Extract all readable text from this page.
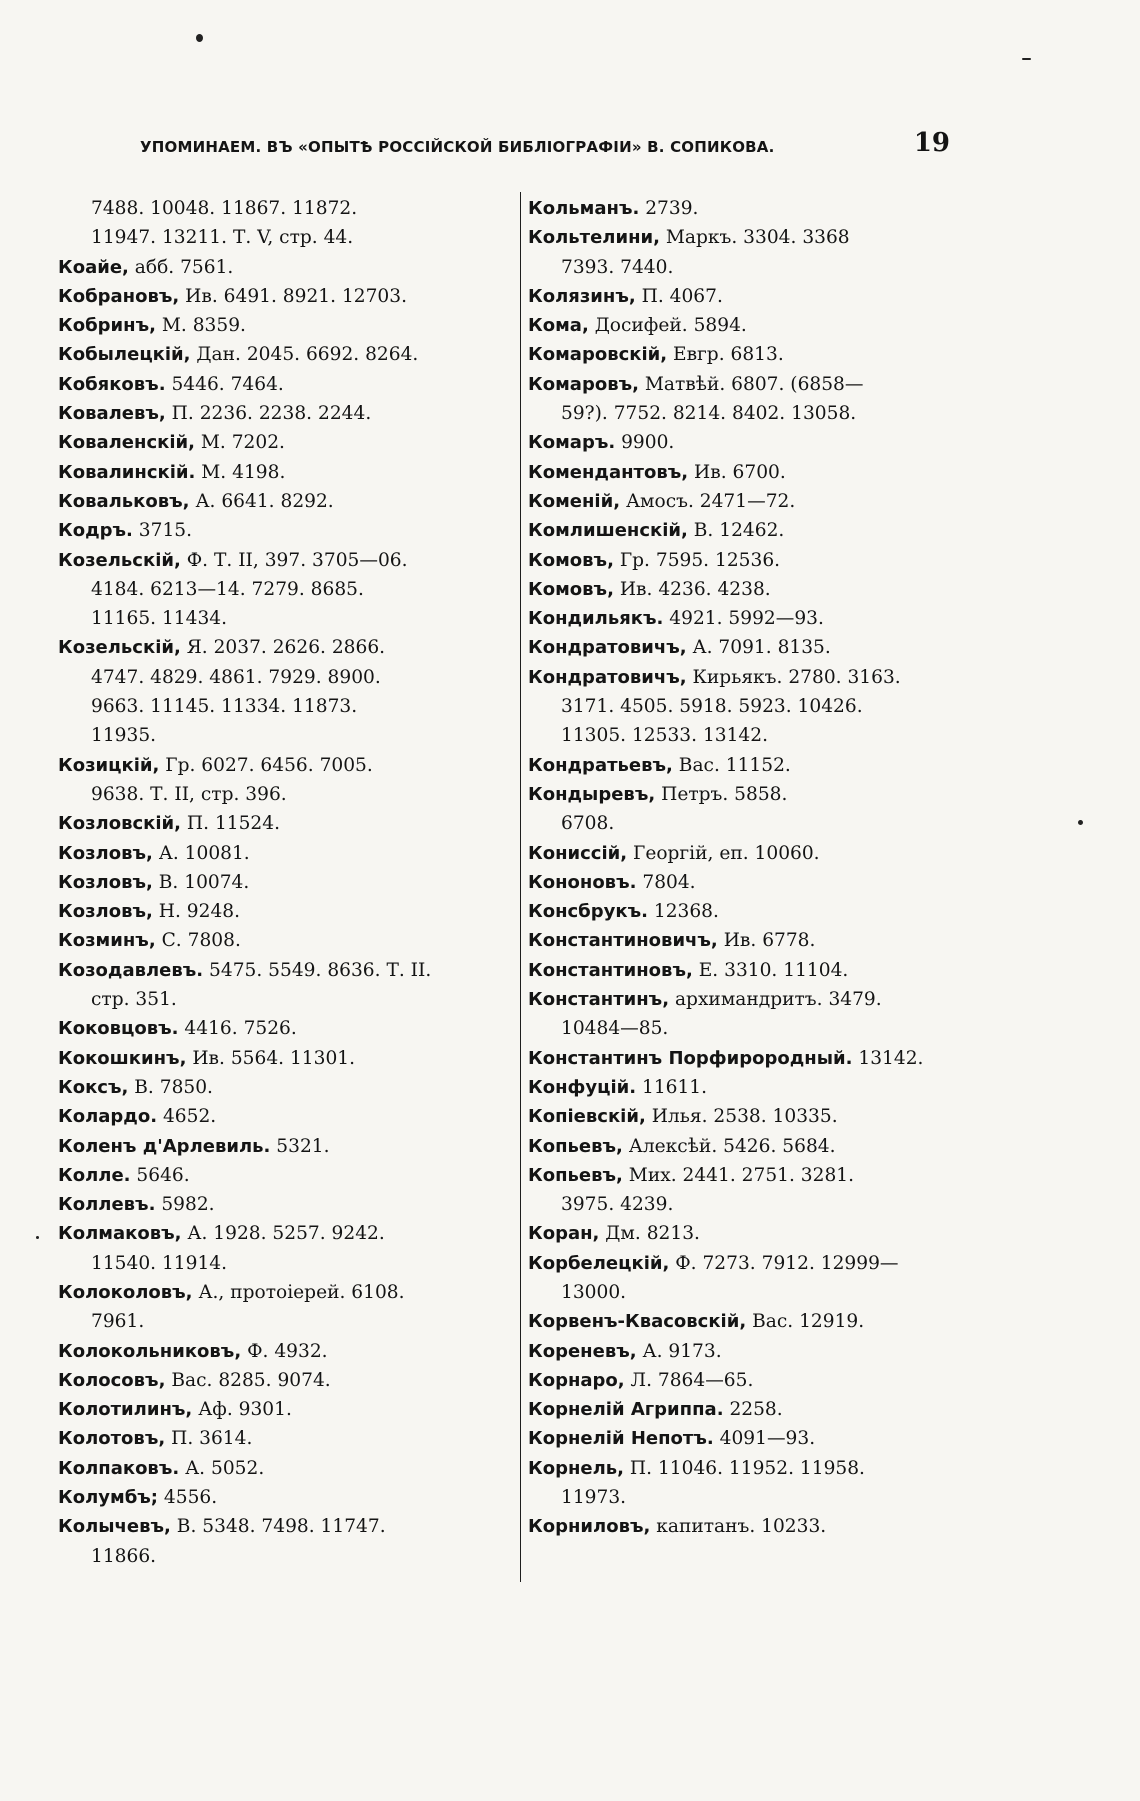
УПОМИНАЕМ. ВЪ «ОПЫТѢ РОССІЙСКОЙ БИБЛІОГРАФІИ» В. СОПИКОВА.	19
7488. 10048. 11867. 11872.
11947. 13211. Т. V, стр. 44.
Коайе, абб. 7561.
Кобрановъ, Ив. 6491. 8921. 12703.
Кобринъ, М. 8359.
Кобылецкій, Дан. 2045. 6692. 8264.
Кобяковъ. 5446. 7464.
Ковалевъ, П. 2236. 2238. 2244.
Коваленскій, М. 7202.
Ковалинскій. М. 4198.
Ковальковъ, А. 6641. 8292.
Кодръ. 3715.
Козельскій, Ф. Т. II, 397. 3705—06.
4184. 6213—14. 7279. 8685.
11165. 11434.
Козельскій, Я. 2037. 2626. 2866.
4747. 4829. 4861. 7929. 8900.
9663. 11145. 11334. 11873.
11935.
Козицкій, Гр. 6027. 6456. 7005.
9638. Т. II, стр. 396.
Козловскій, П. 11524.
Козловъ, А. 10081.
Козловъ, В. 10074.
Козловъ, Н. 9248.
Козминъ, С. 7808.
Козодавлевъ. 5475. 5549. 8636. Т. II.
стр. 351.
Коковцовъ. 4416. 7526.
Кокошкинъ, Ив. 5564. 11301.
Коксъ, В. 7850.
Колардо. 4652.
Коленъ д'Арлевиль. 5321.
Колле. 5646.
Коллевъ. 5982.
Колмаковъ, А. 1928. 5257. 9242.
11540. 11914.
Колоколовъ, А., протоіерей. 6108.
7961.
Колокольниковъ, Ф. 4932.
Колосовъ, Вас. 8285. 9074.
Колотилинъ, Аф. 9301.
Колотовъ, П. 3614.
Колпаковъ. А. 5052.
Колумбъ; 4556.
Колычевъ, В. 5348. 7498. 11747.
11866.
Кольманъ. 2739.
Кольтелини, Маркъ. 3304. 3368
7393. 7440.
Колязинъ, П. 4067.
Кома, Досифей. 5894.
Комаровскій, Евгр. 6813.
Комаровъ, Матвѣй. 6807. (6858—
59?). 7752. 8214. 8402. 13058.
Комаръ. 9900.
Комендантовъ, Ив. 6700.
Коменій, Амосъ. 2471—72.
Комлишенскій, В. 12462.
Комовъ, Гр. 7595. 12536.
Комовъ, Ив. 4236. 4238.
Кондильякъ. 4921. 5992—93.
Кондратовичъ, А. 7091. 8135.
Кондратовичъ, Кирьякъ. 2780. 3163.
3171. 4505. 5918. 5923. 10426.
11305. 12533. 13142.
Кондратьевъ, Вас. 11152.
Кондыревъ, Петръ. 5858.
6708.
Кониссій, Георгій, еп. 10060.
Кононовъ. 7804.
Консбрукъ. 12368.
Константиновичъ, Ив. 6778.
Константиновъ, Е. 3310. 11104.
Константинъ, архимандритъ. 3479.
10484—85.
Константинъ Порфирородный. 13142.
Конфуцій. 11611.
Копіевскій, Илья. 2538. 10335.
Копьевъ, Алексѣй. 5426. 5684.
Копьевъ, Мих. 2441. 2751. 3281.
3975. 4239.
Коран, Дм. 8213.
Корбелецкій, Ф. 7273. 7912. 12999—
13000.
Корвенъ-Квасовскій, Вас. 12919.
Кореневъ, А. 9173.
Корнаро, Л. 7864—65.
Корнелій Агриппа. 2258.
Корнелій Непотъ. 4091—93.
Корнель, П. 11046. 11952. 11958.
11973.
Корниловъ, капитанъ. 10233.
